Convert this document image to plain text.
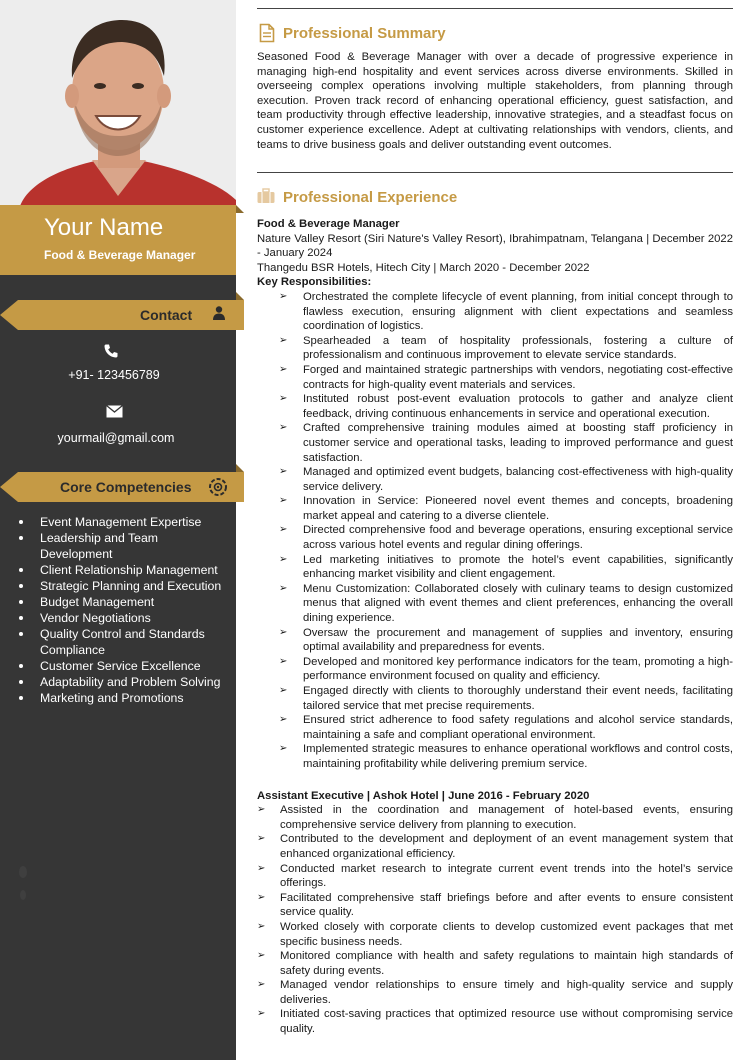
Your Name
Food & Beverage Manager
Contact
+91- 123456789
yourmail@gmail.com
Core Competencies
Event Management Expertise
Leadership and Team Development
Client Relationship Management
Strategic Planning and Execution
Budget Management
Vendor Negotiations
Quality Control and Standards Compliance
Customer Service Excellence
Adaptability and Problem Solving
Marketing and Promotions
Professional Summary

Seasoned Food & Beverage Manager with over a decade of progressive experience in managing high-end hospitality and event services across diverse environments. Skilled in overseeing complex operations involving multiple stakeholders, from planning through execution. Proven track record of enhancing operational efficiency, guest satisfaction, and team productivity through effective leadership, innovative strategies, and a steadfast focus on customer experience excellence. Adept at cultivating relationships with vendors, clients, and teams to drive business goals and deliver outstanding event outcomes.

Professional Experience

Food & Beverage Manager

Nature Valley Resort (Siri Nature's Valley Resort), Ibrahimpatnam, Telangana | December 2022 - January 2024

Thangedu BSR Hotels, Hitech City | March 2020 - December 2022

Key Responsibilities:

➢ Orchestrated the complete lifecycle of event planning, from initial concept through to flawless execution, ensuring alignment with client expectations and seamless coordination of logistics.
➢ Spearheaded a team of hospitality professionals, fostering a culture of professionalism and continuous improvement to elevate service standards.
➢ Forged and maintained strategic partnerships with vendors, negotiating cost-effective contracts for high-quality event materials and services.
➢ Instituted robust post-event evaluation protocols to gather and analyze client feedback, driving continuous enhancements in service and operational execution.
➢ Crafted comprehensive training modules aimed at boosting staff proficiency in customer service and operational tasks, leading to improved performance and guest satisfaction.
➢ Managed and optimized event budgets, balancing cost-effectiveness with high-quality service delivery.
➢ Innovation in Service: Pioneered novel event themes and concepts, broadening market appeal and catering to a diverse clientele.
➢ Directed comprehensive food and beverage operations, ensuring exceptional service across various hotel events and regular dining offerings.
➢ Led marketing initiatives to promote the hotel’s event capabilities, significantly enhancing market visibility and client engagement.
➢ Menu Customization: Collaborated closely with culinary teams to design customized menus that aligned with event themes and client preferences, enhancing the overall dining experience.
➢ Oversaw the procurement and management of supplies and inventory, ensuring optimal availability and preparedness for events.
➢ Developed and monitored key performance indicators for the team, promoting a high-performance environment focused on quality and efficiency.
➢ Engaged directly with clients to thoroughly understand their event needs, facilitating tailored service that met precise requirements.
➢ Ensured strict adherence to food safety regulations and alcohol service standards, maintaining a safe and compliant operational environment.
➢ Implemented strategic measures to enhance operational workflows and control costs, maintaining profitability while delivering premium service.

Assistant Executive | Ashok Hotel | June 2016 - February 2020

➢ Assisted in the coordination and management of hotel-based events, ensuring comprehensive service delivery from planning to execution.
➢ Contributed to the development and deployment of an event management system that enhanced organizational efficiency.
➢ Conducted market research to integrate current event trends into the hotel’s service offerings.
➢ Facilitated comprehensive staff briefings before and after events to ensure consistent service quality.
➢ Worked closely with corporate clients to develop customized event packages that met specific business needs.
➢ Monitored compliance with health and safety regulations to maintain high standards of safety during events.
➢ Managed vendor relationships to ensure timely and high-quality service and supply deliveries.
➢ Initiated cost-saving practices that optimized resource use without compromising service quality.
